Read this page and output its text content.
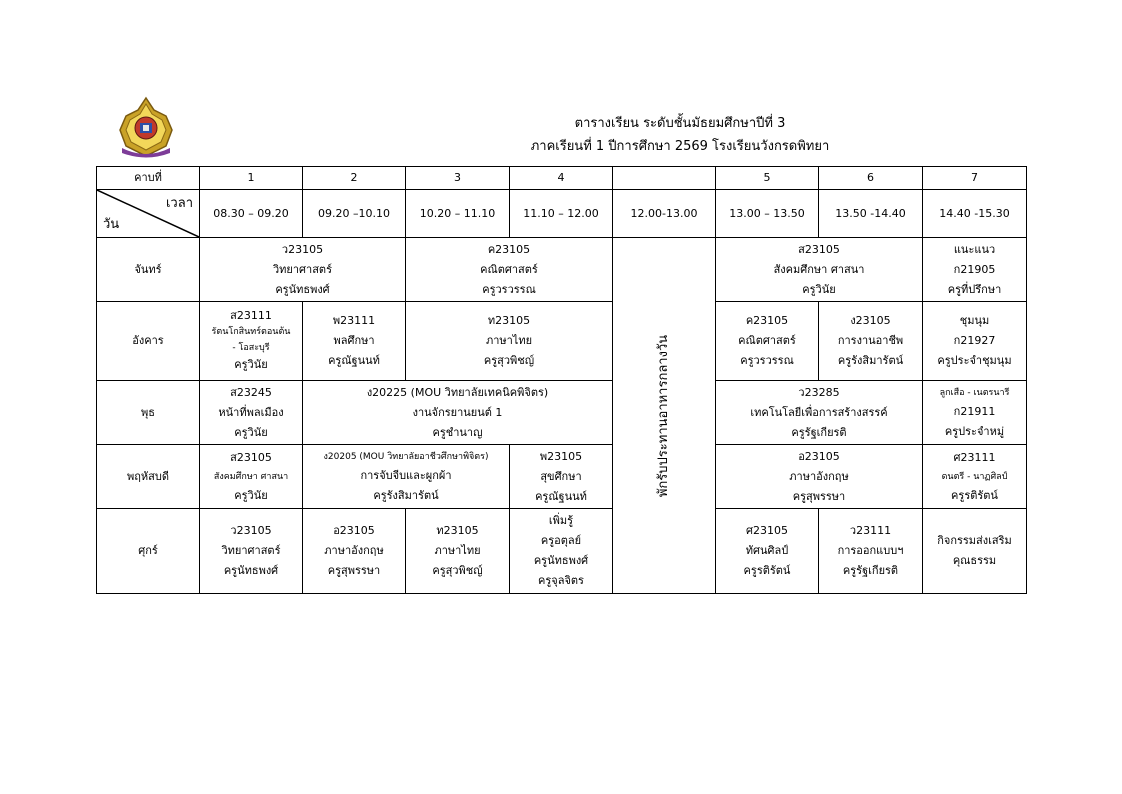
ตารางเรียน ระดับชั้นมัธยมศึกษาปีที่ 3
ภาคเรียนที่ 1 ปีการศึกษา 2569 โรงเรียนวังกรดพิทยา
คาบที่	1	2	3	4		5	6	7

เวลา
วัน	08.30 – 09.20	09.20 –10.10	10.20 – 11.10	11.10 – 12.00	12.00-13.00	13.00 – 13.50	13.50 -14.40	14.40 -15.30
จันทร์	ว23105
วิทยาศาสตร์
ครูนัทธพงศ์		ค23105
คณิตศาสตร์
ครูวรวรรณ		พักรับประทานอาหารกลางวัน	ส23105
สังคมศึกษา ศาสนา
ครูวินัย		แนะแนว
ก21905
ครูที่ปรึกษา

อังคาร	ส23111
รัตนโกสินทร์ตอนต้น
- โอสะบุรี
ครูวินัย	พ23111
พลศึกษา
ครูณัฐนนท์	ท23105
ภาษาไทย
ครูสุวพิชญ์			ค23105
คณิตศาสตร์
ครูวรวรรณ	ง23105
การงานอาชีพ
ครูรังสิมารัตน์	ชุมนุม
ก21927
ครูประจำชุมนุม

พุธ	ส23245
หน้าที่พลเมือง
ครูวินัย	ง20225 (MOU วิทยาลัยเทคนิคพิจิตร)
งานจักรยานยนต์ 1
ครูชำนาญ				ว23285
เทคโนโลยีเพื่อการสร้างสรรค์
ครูรัฐเกียรติ		ลูกเสือ - เนตรนารี
ก21911
ครูประจำหมู่

พฤหัสบดี	ส23105
สังคมศึกษา ศาสนา
ครูวินัย	ง20205 (MOU วิทยาลัยอาชีวศึกษาพิจิตร)
การจับจีบและผูกผ้า
ครูรังสิมารัตน์		พ23105
สุขศึกษา
ครูณัฐนนท์		อ23105
ภาษาอังกฤษ
ครูสุพรรษา		ศ23111
ดนตรี - นาฏศิลป์
ครูรติรัตน์

ศุกร์	ว23105
วิทยาศาสตร์
ครูนัทธพงศ์	อ23105
ภาษาอังกฤษ
ครูสุพรรษา	ท23105
ภาษาไทย
ครูสุวพิชญ์	เพิ่มรู้
ครูอตุลย์
ครูนัทธพงศ์
ครูจุลจิตร		ศ23105
ทัศนศิลป์
ครูรติรัตน์	ว23111
การออกแบบฯ
ครูรัฐเกียรติ	กิจกรรมส่งเสริม
คุณธรรม
